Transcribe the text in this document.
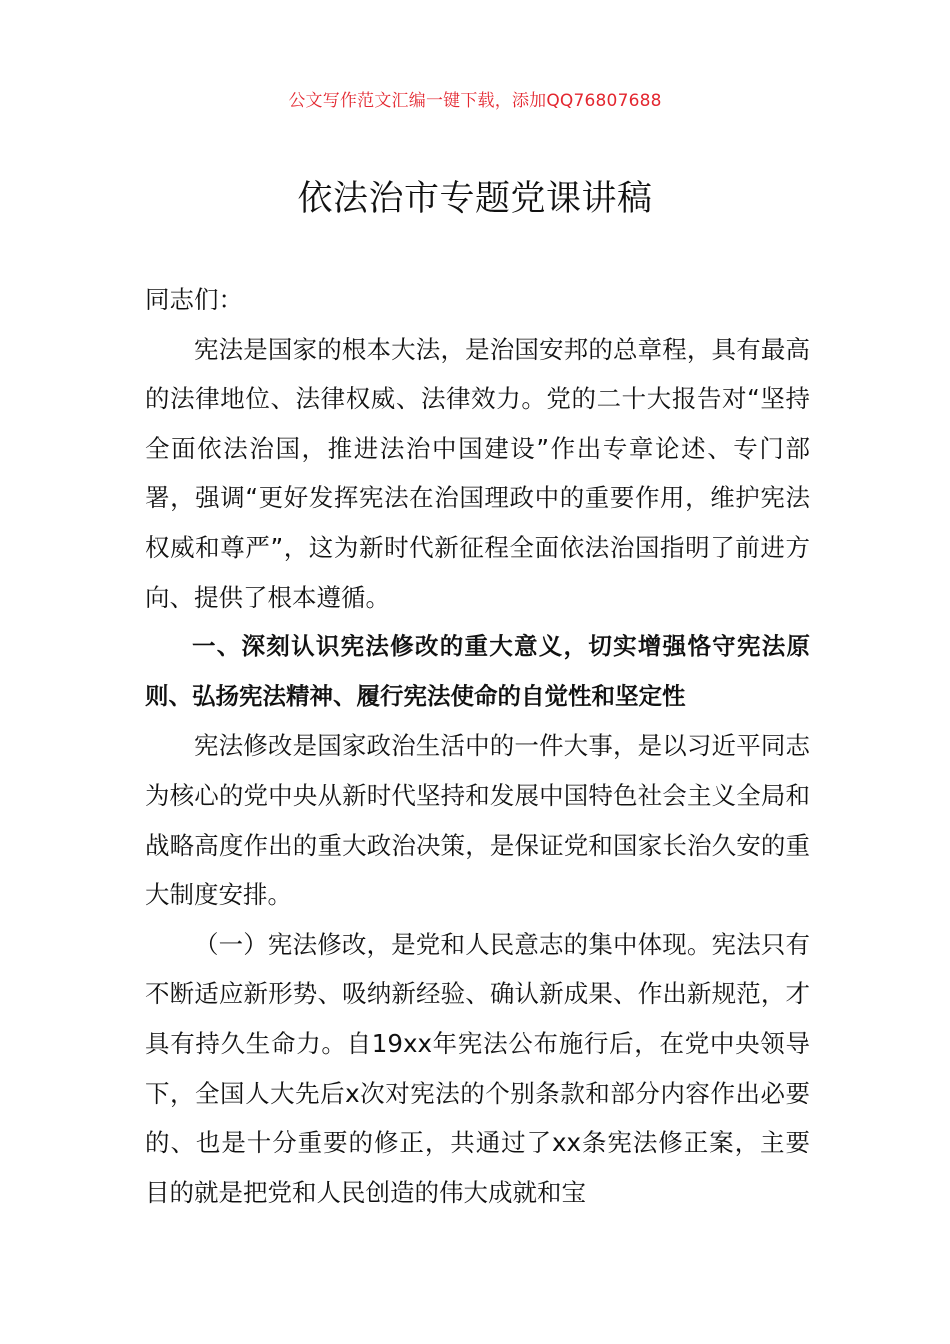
公文写作范文汇编一键下载，添加QQ76807688
依法治市专题党课讲稿

同志们：

宪法是国家的根本大法，是治国安邦的总章程，具有最高的法律地位、法律权威、法律效力。党的二十大报告对“坚持全面依法治国，推进法治中国建设”作出专章论述、专门部署，强调“更好发挥宪法在治国理政中的重要作用，维护宪法权威和尊严”，这为新时代新征程全面依法治国指明了前进方向、提供了根本遵循。

一、深刻认识宪法修改的重大意义，切实增强恪守宪法原则、弘扬宪法精神、履行宪法使命的自觉性和坚定性

宪法修改是国家政治生活中的一件大事，是以习近平同志为核心的党中央从新时代坚持和发展中国特色社会主义全局和战略高度作出的重大政治决策，是保证党和国家长治久安的重大制度安排。

（一）宪法修改，是党和人民意志的集中体现。宪法只有不断适应新形势、吸纳新经验、确认新成果、作出新规范，才具有持久生命力。自19xx年宪法公布施行后，在党中央领导下，全国人大先后x次对宪法的个别条款和部分内容作出必要的、也是十分重要的修正，共通过了xx条宪法修正案，主要目的就是把党和人民创造的伟大成就和宝
